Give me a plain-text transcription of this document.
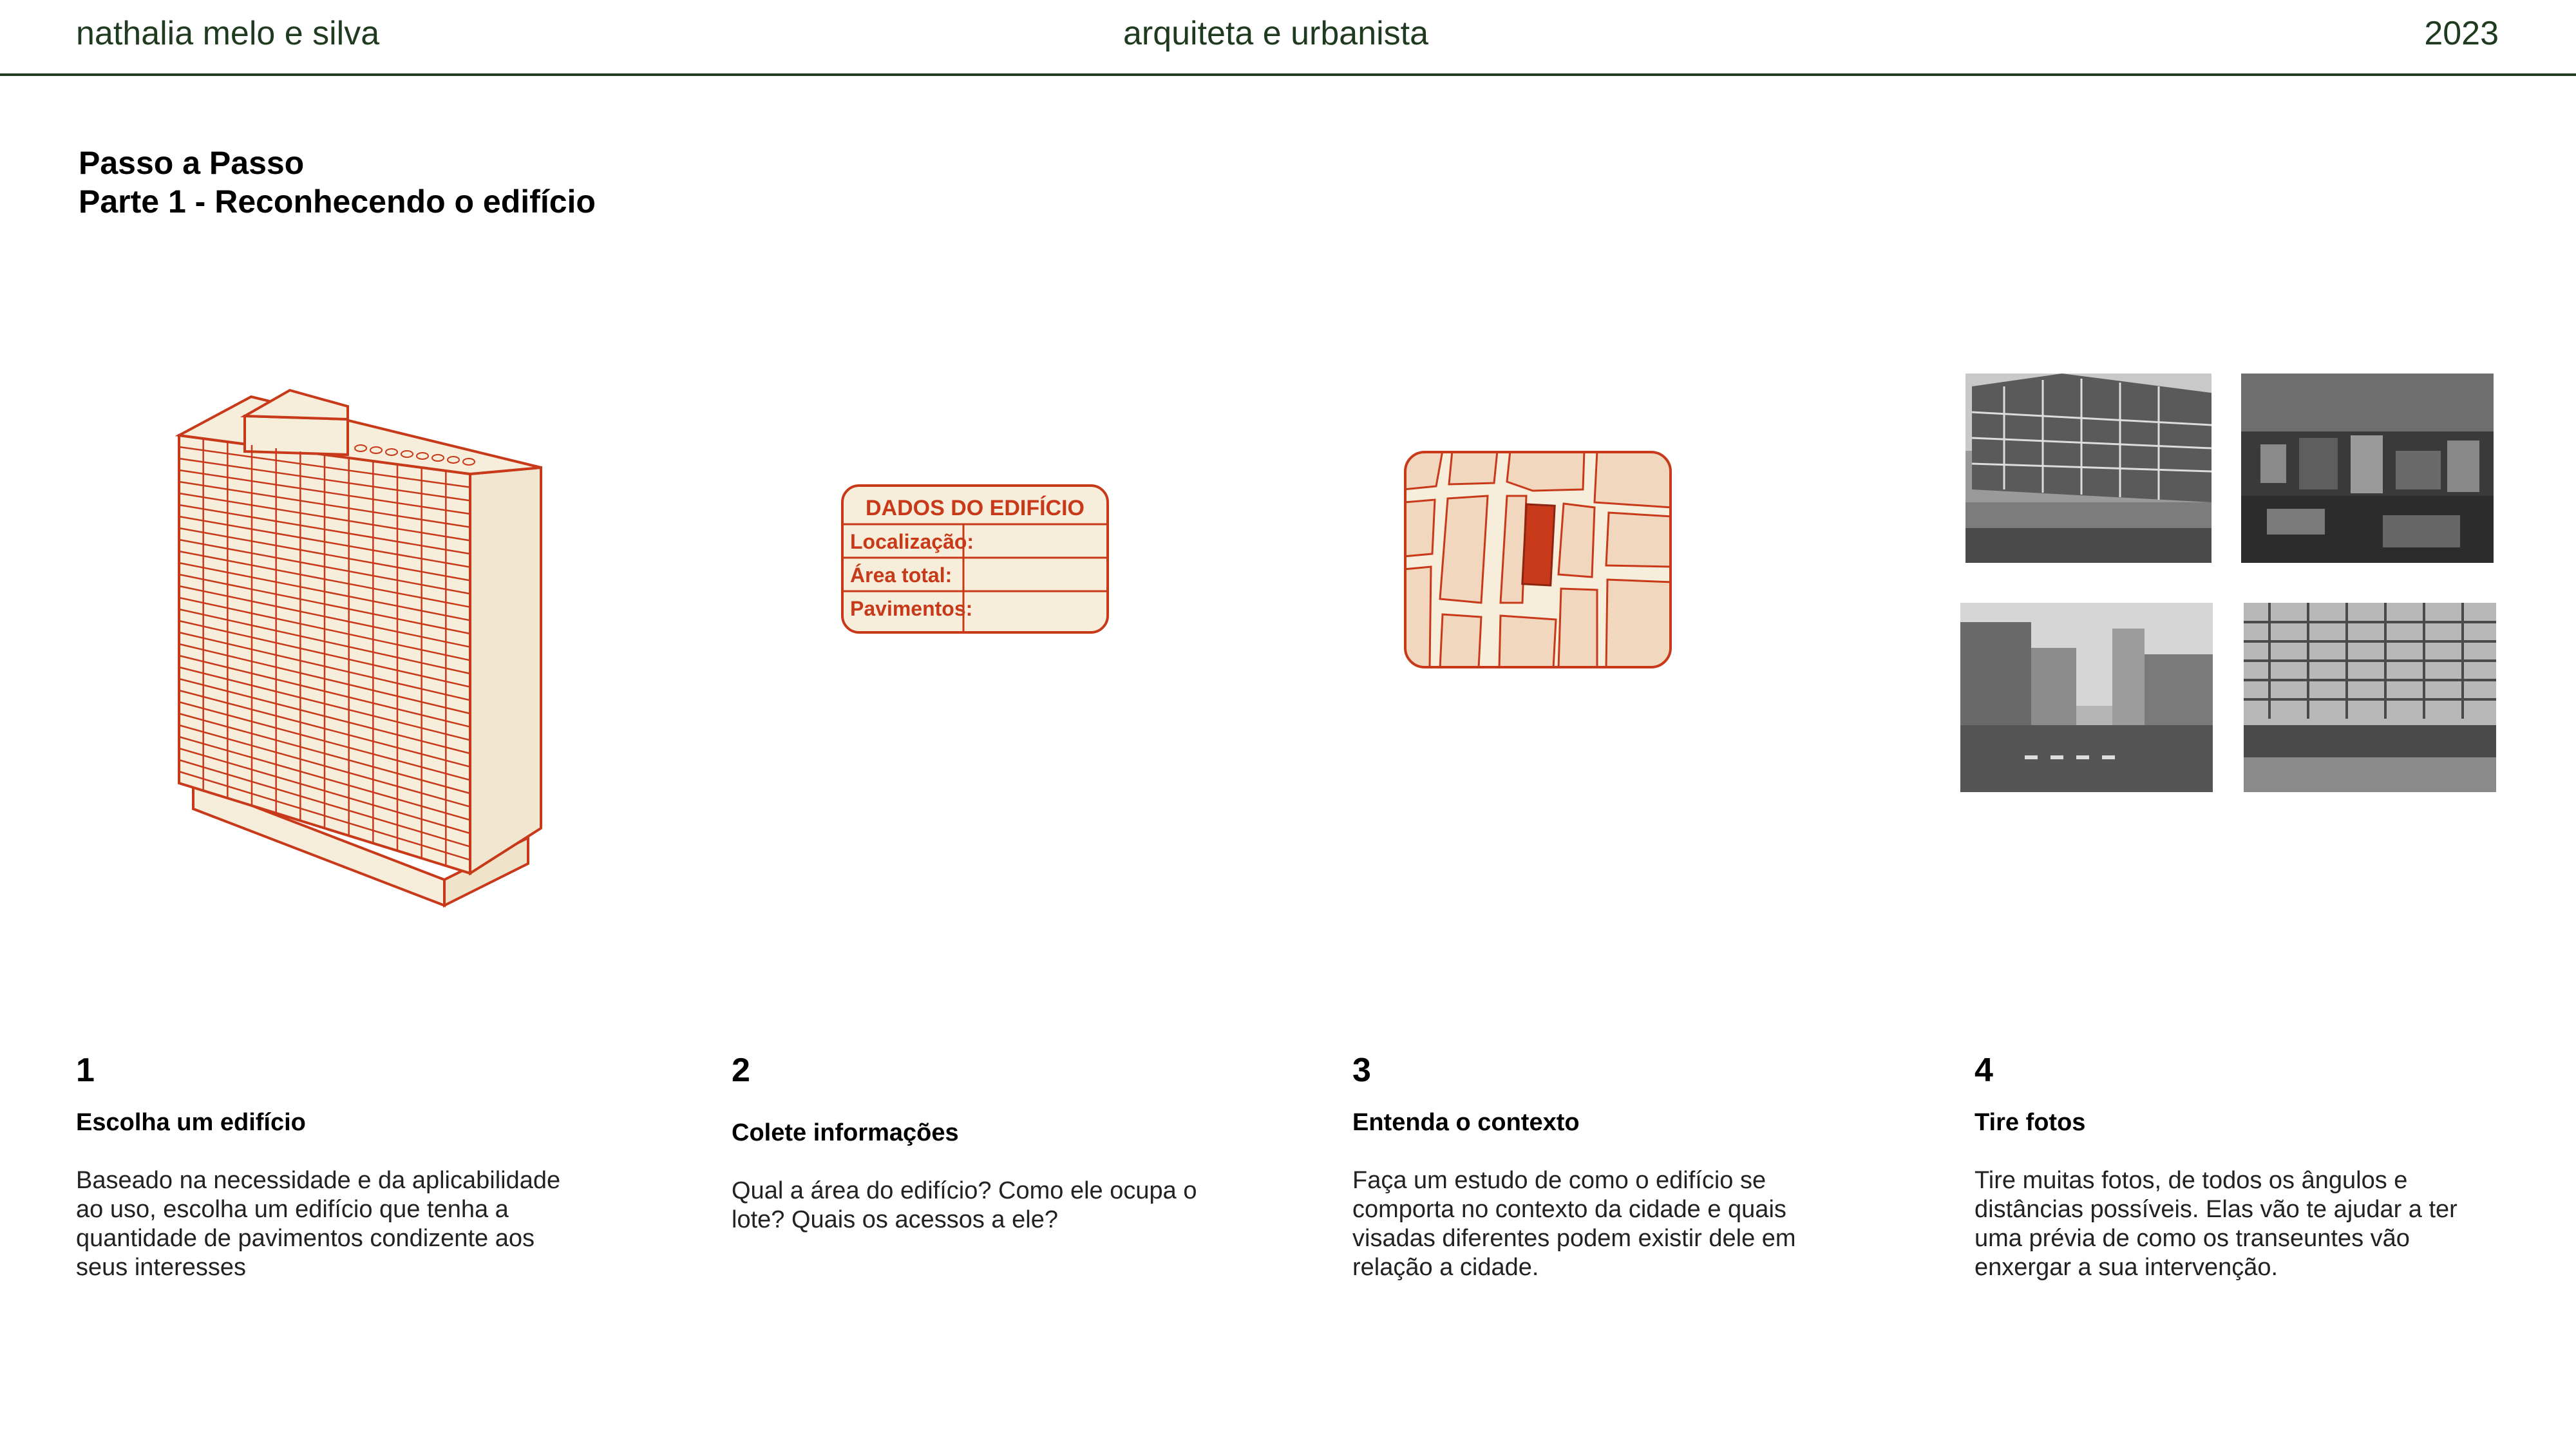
nathalia melo e silva	arquiteta e urbanista	2023
Passo a Passo
Parte 1 - Reconhecendo o edifício
DADOS DO EDIFÍCIO
Localização:
Área total:
Pavimentos:
1
Escolha um edifício
Baseado na necessidade e da aplicabilidade ao uso, escolha um edifício que tenha a quantidade de pavimentos condizente aos seus interesses
2
Colete informações
Qual a área do edifício? Como ele ocupa o lote? Quais os acessos a ele?
3
Entenda o contexto
Faça um estudo de como o edifício se comporta no contexto da cidade e quais visadas diferentes podem existir dele em relação a cidade.
4
Tire fotos
Tire muitas fotos, de todos os ângulos e distâncias possíveis. Elas vão te ajudar a ter uma prévia de como os transeuntes vão enxergar a sua intervenção.
